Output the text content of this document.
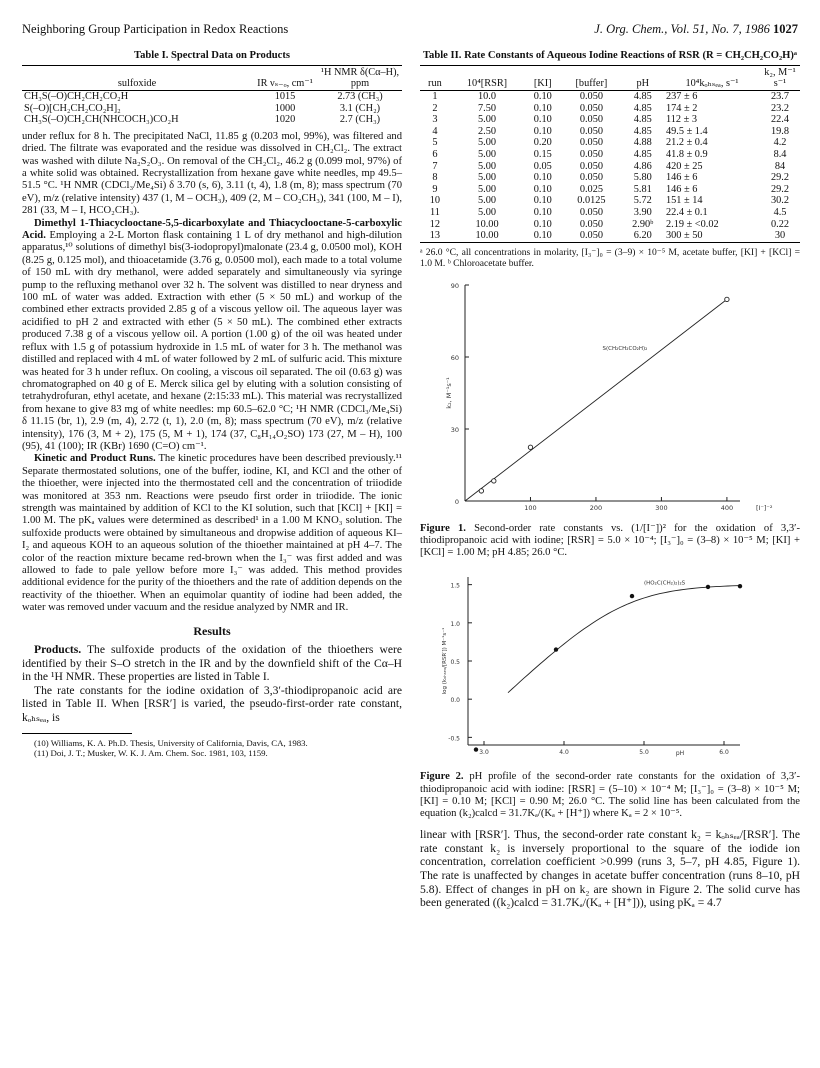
Neighboring Group Participation in Redox Reactions	J. Org. Chem., Vol. 51, No. 7, 1986 1027
Table I. Spectral Data on Products
sulfoxide	IR νₛ₋ₒ, cm⁻¹	¹H NMR δ(Cα–H), ppm
CH₃S(–O)CH₂CH₂CO₂H	1015	2.73 (CH₃)
S(–O)[CH₂CH₂CO₂H]₂	1000	3.1 (CH₂)
CH₃S(–O)CH₂CH(NHCOCH₃)CO₂H	1020	2.7 (CH₃)

under reflux for 8 h. The precipitated NaCl, 11.85 g (0.203 mol, 99%), was filtered and dried. The filtrate was evaporated and the residue was dissolved in CH₂Cl₂. The extract was washed with dilute Na₂S₂O₃. On removal of the CH₂Cl₂, 46.2 g (0.099 mol, 97%) of a white solid was obtained. Recrystallization from hexane gave white needles, mp 49.5–51.5 °C. ¹H NMR (CDCl₃/Me₄Si) δ 3.70 (s, 6), 3.11 (t, 4), 1.8 (m, 8); mass spectrum (70 eV), m/z (relative intensity) 437 (1, M – OCH₃), 409 (2, M – CO₂CH₃), 341 (100, M – I), 281 (33, M – I, HCO₂CH₃).

Dimethyl 1-Thiacyclooctane-5,5-dicarboxylate and Thiacyclooctane-5-carboxylic Acid. Employing a 2-L Morton flask containing 1 L of dry methanol and high-dilution apparatus,¹⁰ solutions of dimethyl bis(3-iodopropyl)malonate (23.4 g, 0.0500 mol), KOH (8.25 g, 0.125 mol), and thioacetamide (3.76 g, 0.0500 mol), each made to a total volume of 150 mL with dry methanol, were added separately and simultaneously via syringe pump to the refluxing methanol over 32 h. The solvent was distilled to near dryness and 100 mL of water was added. Extraction with ether (5 × 50 mL) and workup of the combined ether extracts provided 2.85 g of a viscous yellow oil. The aqueous layer was acidified to pH 2 and extracted with ether (5 × 50 mL). The combined ether extracts produced 7.38 g of a viscous yellow oil. A portion (1.00 g) of the oil was heated under reflux with 1.5 g of potassium hydroxide in 1.5 mL of water for 3 h. The methanol was distilled and replaced with 4 mL of water followed by 2 mL of sulfuric acid. This mixture was heated for 3 h under reflux. On cooling, a viscous oil separated. The oil (0.63 g) was chromatographed on 40 g of E. Merck silica gel by eluting with a solution consisting of tetrahydrofuran, ethyl acetate, and hexane (2:15:33 mL). This material was recrystallized from hexane to give 83 mg of white needles: mp 60.5–62.0 °C; ¹H NMR (CDCl₃/Me₄Si) δ 11.15 (br, 1), 2.9 (m, 4), 2.72 (t, 1), 2.0 (m, 8); mass spectrum (70 eV), m/z (relative intensity), 176 (3, M + 2), 175 (5, M + 1), 174 (37, C₈H₁₄O₂SO) 173 (27, M – H), 100 (95), 41 (100); IR (KBr) 1690 (C=O) cm⁻¹.

Kinetic and Product Runs. The kinetic procedures have been described previously.¹¹ Separate thermostated solutions, one of the buffer, iodine, KI, and KCl and the other of the thioether, were injected into the thermostated cell and the concentration of triiodide was monitored at 353 nm. Reactions were pseudo first order in triiodide. The ionic strength was maintained by addition of KCl to the KI solution, such that [KCl] + [KI] = 1.00 M. The pKₐ values were determined as described¹ in a 1.00 M KNO₃ solution. The sulfoxide products were obtained by simultaneous and dropwise addition of aqueous KI–I₂ and aqueous KOH to an aqueous solution of the thioether maintained at pH 4–7. The color of the reaction mixture became red-brown when the I₃⁻ was first added and was allowed to fade to pale yellow before more I₃⁻ was added. This method provides additional evidence for the purity of the thioethers and the rate of addition depends on the reactivity of the thioether. When an equimolar quantity of iodine had been added, the water was removed under vacuum and the residue analyzed by NMR and IR.

Results

Products. The sulfoxide products of the oxidation of the thioethers were identified by their S–O stretch in the IR and by the downfield shift of the Cα–H in the ¹H NMR. These properties are listed in Table I.

The rate constants for the iodine oxidation of 3,3′-thiodipropanoic acid are listed in Table II. When [RSR′] is varied, the pseudo-first-order rate constant, kₒₕₛₑₐ, is

(10) Williams, K. A. Ph.D. Thesis, University of California, Davis, CA, 1983.

(11) Doi, J. T.; Musker, W. K. J. Am. Chem. Soc. 1981, 103, 1159.

Table II. Rate Constants of Aqueous Iodine Reactions of RSR (R = CH₂CH₂CO₂H)ᵃ
run	10⁴[RSR]	[KI]	[buffer]	pH	10⁴kₒₕₛₑₐ, s⁻¹	k₂, M⁻¹ s⁻¹
1	10.0	0.10	0.050	4.85	237 ± 6	23.7
2	7.50	0.10	0.050	4.85	174 ± 2	23.2
3	5.00	0.10	0.050	4.85	112 ± 3	22.4
4	2.50	0.10	0.050	4.85	49.5 ± 1.4	19.8
5	5.00	0.20	0.050	4.88	21.2 ± 0.4	4.2
6	5.00	0.15	0.050	4.85	41.8 ± 0.9	8.4
7	5.00	0.05	0.050	4.86	420 ± 25	84
8	5.00	0.10	0.050	5.80	146 ± 6	29.2
9	5.00	0.10	0.025	5.81	146 ± 6	29.2
10	5.00	0.10	0.0125	5.72	151 ± 14	30.2
11	5.00	0.10	0.050	3.90	22.4 ± 0.1	4.5
12	10.00	0.10	0.050	2.90ᵇ	2.19 ± <0.02	0.22
13	10.00	0.10	0.050	6.20	300 ± 50	30

ᵃ 26.0 °C, all concentrations in molarity, [I₃⁻]₀ = (3–9) × 10⁻⁵ M, acetate buffer, [KI] + [KCl] = 1.0 M. ᵇ Chloroacetate buffer.

0
30
60
90
100	200	300	400	[I⁻]⁻²
k₂, M⁻¹s⁻¹
S(CH₂CH₂CO₂H)₂

Figure 1. Second-order rate constants vs. (1/[I⁻])² for the oxidation of 3,3′-thiodipropanoic acid with iodine; [RSR] = 5.0 × 10⁻⁴; [I₃⁻]₀ = (3–8) × 10⁻⁵ M; [KI] + [KCl] = 1.00 M; pH 4.85; 26.0 °C.

-0.5
0.0
0.5
1.0
1.5
3.0	4.0	5.0	6.0
pH
log (kₒₕₛₑₐ/[RSR′]) M⁻¹s⁻¹
(HO₂C(CH₂)₂)₂S

Figure 2. pH profile of the second-order rate constants for the oxidation of 3,3′-thiodipropanoic acid with iodine: [RSR] = (5–10) × 10⁻⁴ M; [I₃⁻]₀ = (3–8) × 10⁻⁵ M; [KI] = 0.10 M; [KCl] = 0.90 M; 26.0 °C. The solid line has been calculated from the equation (k₂)calcd = 31.7Kₐ/(Kₐ + [H⁺]) where Kₐ = 2 × 10⁻⁵.

linear with [RSR′]. Thus, the second-order rate constant k₂ = kₒₕₛₑₐ/[RSR′]. The rate constant k₂ is inversely proportional to the square of the iodide ion concentration, correlation coefficient >0.999 (runs 3, 5–7, pH 4.85, Figure 1). The rate is unaffected by changes in acetate buffer concentration (runs 8–10, pH 5.8). Effect of changes in pH on k₂ are shown in Figure 2. The solid curve has been generated ((k₂)calcd = 31.7Kₐ/(Kₐ + [H⁺])), using pKₐ = 4.7
